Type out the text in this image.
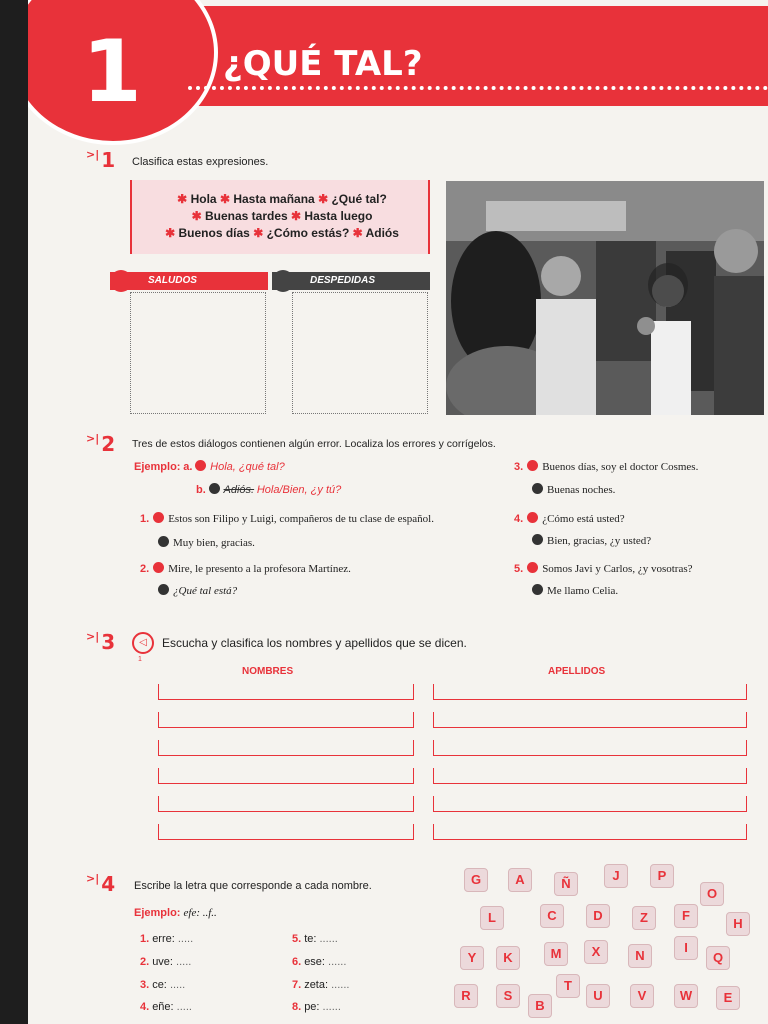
1 ¿QUÉ TAL?
>| 1 Clasifica estas expresiones.
✱ Hola ✱ Hasta mañana ✱ ¿Qué tal?
✱ Buenas tardes ✱ Hasta luego
✱ Buenos días ✱ ¿Cómo estás? ✱ Adiós
SALUDOS	DESPEDIDAS
>| 2 Tres de estos diálogos contienen algún error. Localiza los errores y corrígelos.
Ejemplo: a. Hola, ¿qué tal?
b. Adiós. Hola/Bien, ¿y tú?
1. Estos son Filipo y Luigi, compañeros de tu clase de español.
Muy bien, gracias.
2. Mire, le presento a la profesora Martínez.
¿Qué tal está?
3. Buenos días, soy el doctor Cosmes.
Buenas noches.
4. ¿Cómo está usted?
Bien, gracias, ¿y usted?
5. Somos Javi y Carlos, ¿y vosotras?
Me llamo Celia.
>| 3	◁
1
Escucha y clasifica los nombres y apellidos que se dicen.
NOMBRES	APELLIDOS
>| 4 Escribe la letra que corresponde a cada nombre.
Ejemplo: efe: ..f..
1. erre: .....
2. uve: .....
3. ce: .....
4. eñe: .....
5. te: ......
6. ese: ......
7. zeta: ......
8. pe: ......
G	A	Ñ
J	P
O
L	C	D	Z	F
H
Y	K	M	X	N
I
Q
R	S
B
T
U	V	W	E
